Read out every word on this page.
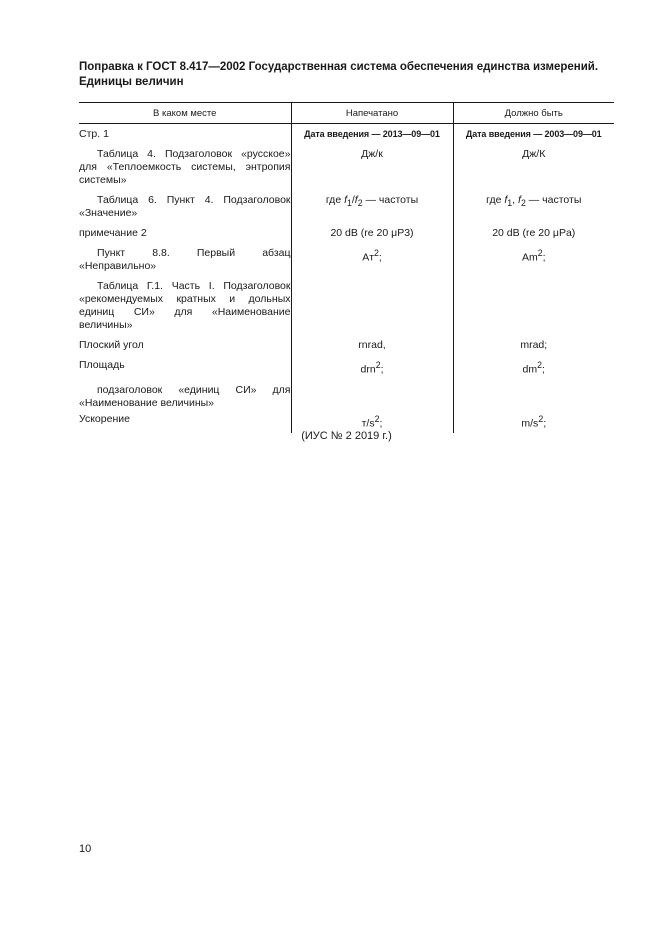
Поправка к ГОСТ 8.417—2002 Государственная система обеспечения единства измерений. Единицы величин
В каком месте	Напечатано	Должно быть
Стр. 1	Дата введения — 2013—09—01	Дата введения — 2003—09—01
Таблица 4. Подзаголовок «русское» для «Теплоемкость системы, энтропия системы»	Дж/к	Дж/К
Таблица 6. Пункт 4. Подзаголовок «Значение»	где $f_1/f_2$ — частоты	где $f_1$, $f_2$ — частоты
примечание 2	20 dB (re 20 μP3)	20 dB (re 20 μPa)
Пункт 8.8. Первый абзац «Неправильно»	$Aт^2$;	Am$^2$;
Таблица Г.1. Часть I. Подзаголовок «рекомендуемых кратных и дольных единиц СИ» для «Наименование величины»		
Плоский угол	rnrad,	mrad;
Площадь	drn$^2$;	$dm^2$;
подзаголовок «единиц СИ» для «Наименование величины»		
Ускорение	$т/s^2$;	$m/s^2$;
(ИУС № 2 2019 г.)
10
